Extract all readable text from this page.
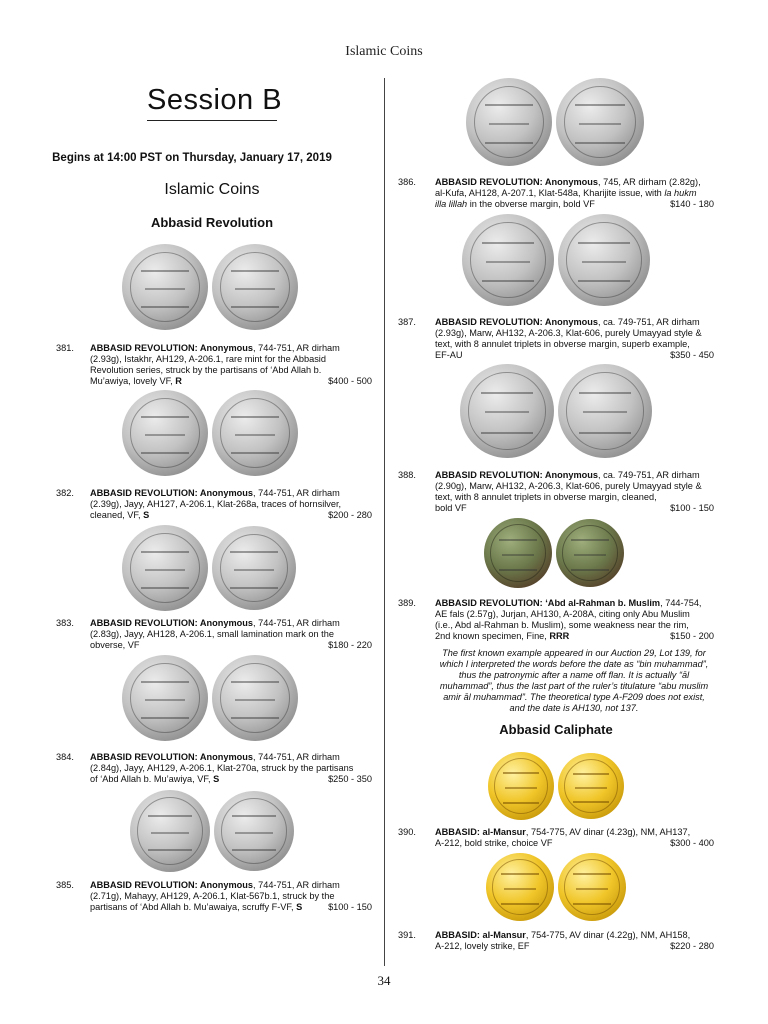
Islamic Coins
Session B
Begins at 14:00 PST on Thursday, January 17, 2019
Islamic Coins
Abbasid Revolution
381. ABBASID REVOLUTION: Anonymous, 744-751, AR dirham
(2.93g), Istakhr, AH129, A-206.1, rare mint for the Abbasid
Revolution series, struck by the partisans of ‘Abd Allah b.
Mu’awiya, lovely VF, R	$400 - 500
382. ABBASID REVOLUTION: Anonymous, 744-751, AR dirham
(2.39g), Jayy, AH127, A-206.1, Klat-268a, traces of hornsilver,
cleaned, VF, S	$200 - 280
383. ABBASID REVOLUTION: Anonymous, 744-751, AR dirham
(2.83g), Jayy, AH128, A-206.1, small lamination mark on the
obverse, VF	$180 - 220
384. ABBASID REVOLUTION: Anonymous, 744-751, AR dirham
(2.84g), Jayy, AH129, A-206.1, Klat-270a, struck by the partisans
of ‘Abd Allah b. Mu’awiya, VF, S	$250 - 350
385. ABBASID REVOLUTION: Anonymous, 744-751, AR dirham
(2.71g), Mahayy, AH129, A-206.1, Klat-567b.1, struck by the
partisans of ‘Abd Allah b. Mu’awaiya, scruffy F-VF, S	$100 - 150
386. ABBASID REVOLUTION: Anonymous, 745, AR dirham (2.82g),
al-Kufa, AH128, A-207.1, Klat-548a, Kharijite issue, with la hukm
illa lillah in the obverse margin, bold VF	$140 - 180
387. ABBASID REVOLUTION: Anonymous, ca. 749-751, AR dirham
(2.93g), Marw, AH132, A-206.3, Klat-606, purely Umayyad style &
text, with 8 annulet triplets in obverse margin, superb example,
EF-AU	$350 - 450
388. ABBASID REVOLUTION: Anonymous, ca. 749-751, AR dirham
(2.90g), Marw, AH132, A-206.3, Klat-606, purely Umayyad style &
text, with 8 annulet triplets in obverse margin, cleaned,
bold VF	$100 - 150
389. ABBASID REVOLUTION: ‘Abd al-Rahman b. Muslim, 744-754,
AE fals (2.57g), Jurjan, AH130, A-208A, citing only Abu Muslim
(i.e., Abd al-Rahman b. Muslim), some weakness near the rim,
2nd known specimen, Fine, RRR	$150 - 200
The first known example appeared in our Auction 29, Lot 139, for
which I interpreted the words before the date as “bin muhammad”,
thus the patronymic after a name off flan. It is actually “āl
muhammad”, thus the last part of the ruler’s titulature “abu muslim
amir āl muhammad”. The theoretical type A-F209 does not exist,
and the date is AH130, not 137.
Abbasid Caliphate
390. ABBASID: al-Mansur, 754-775, AV dinar (4.23g), NM, AH137,
A-212, bold strike, choice VF	$300 - 400
391. ABBASID: al-Mansur, 754-775, AV dinar (4.22g), NM, AH158,
A-212, lovely strike, EF	$220 - 280
34
